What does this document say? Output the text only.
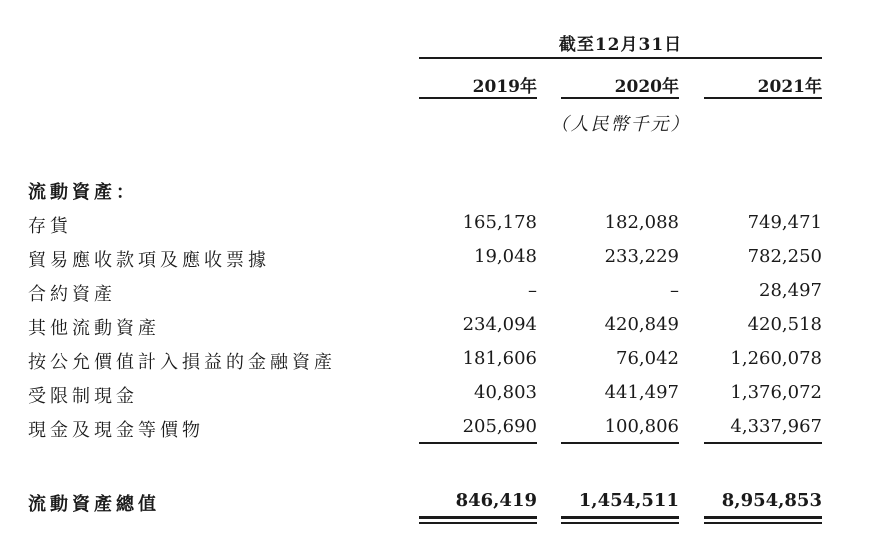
截至12月31日
2019年	2020年	2021年
（人民幣千元）
流動資產：
存貨	165,178	182,088	749,471
貿易應收款項及應收票據	19,048	233,229	782,250
合約資產	–	–	28,497
其他流動資產	234,094	420,849	420,518
按公允價值計入損益的金融資產	181,606	76,042	1,260,078
受限制現金	40,803	441,497	1,376,072
現金及現金等價物	205,690	100,806	4,337,967
流動資產總值	846,419	1,454,511	8,954,853
